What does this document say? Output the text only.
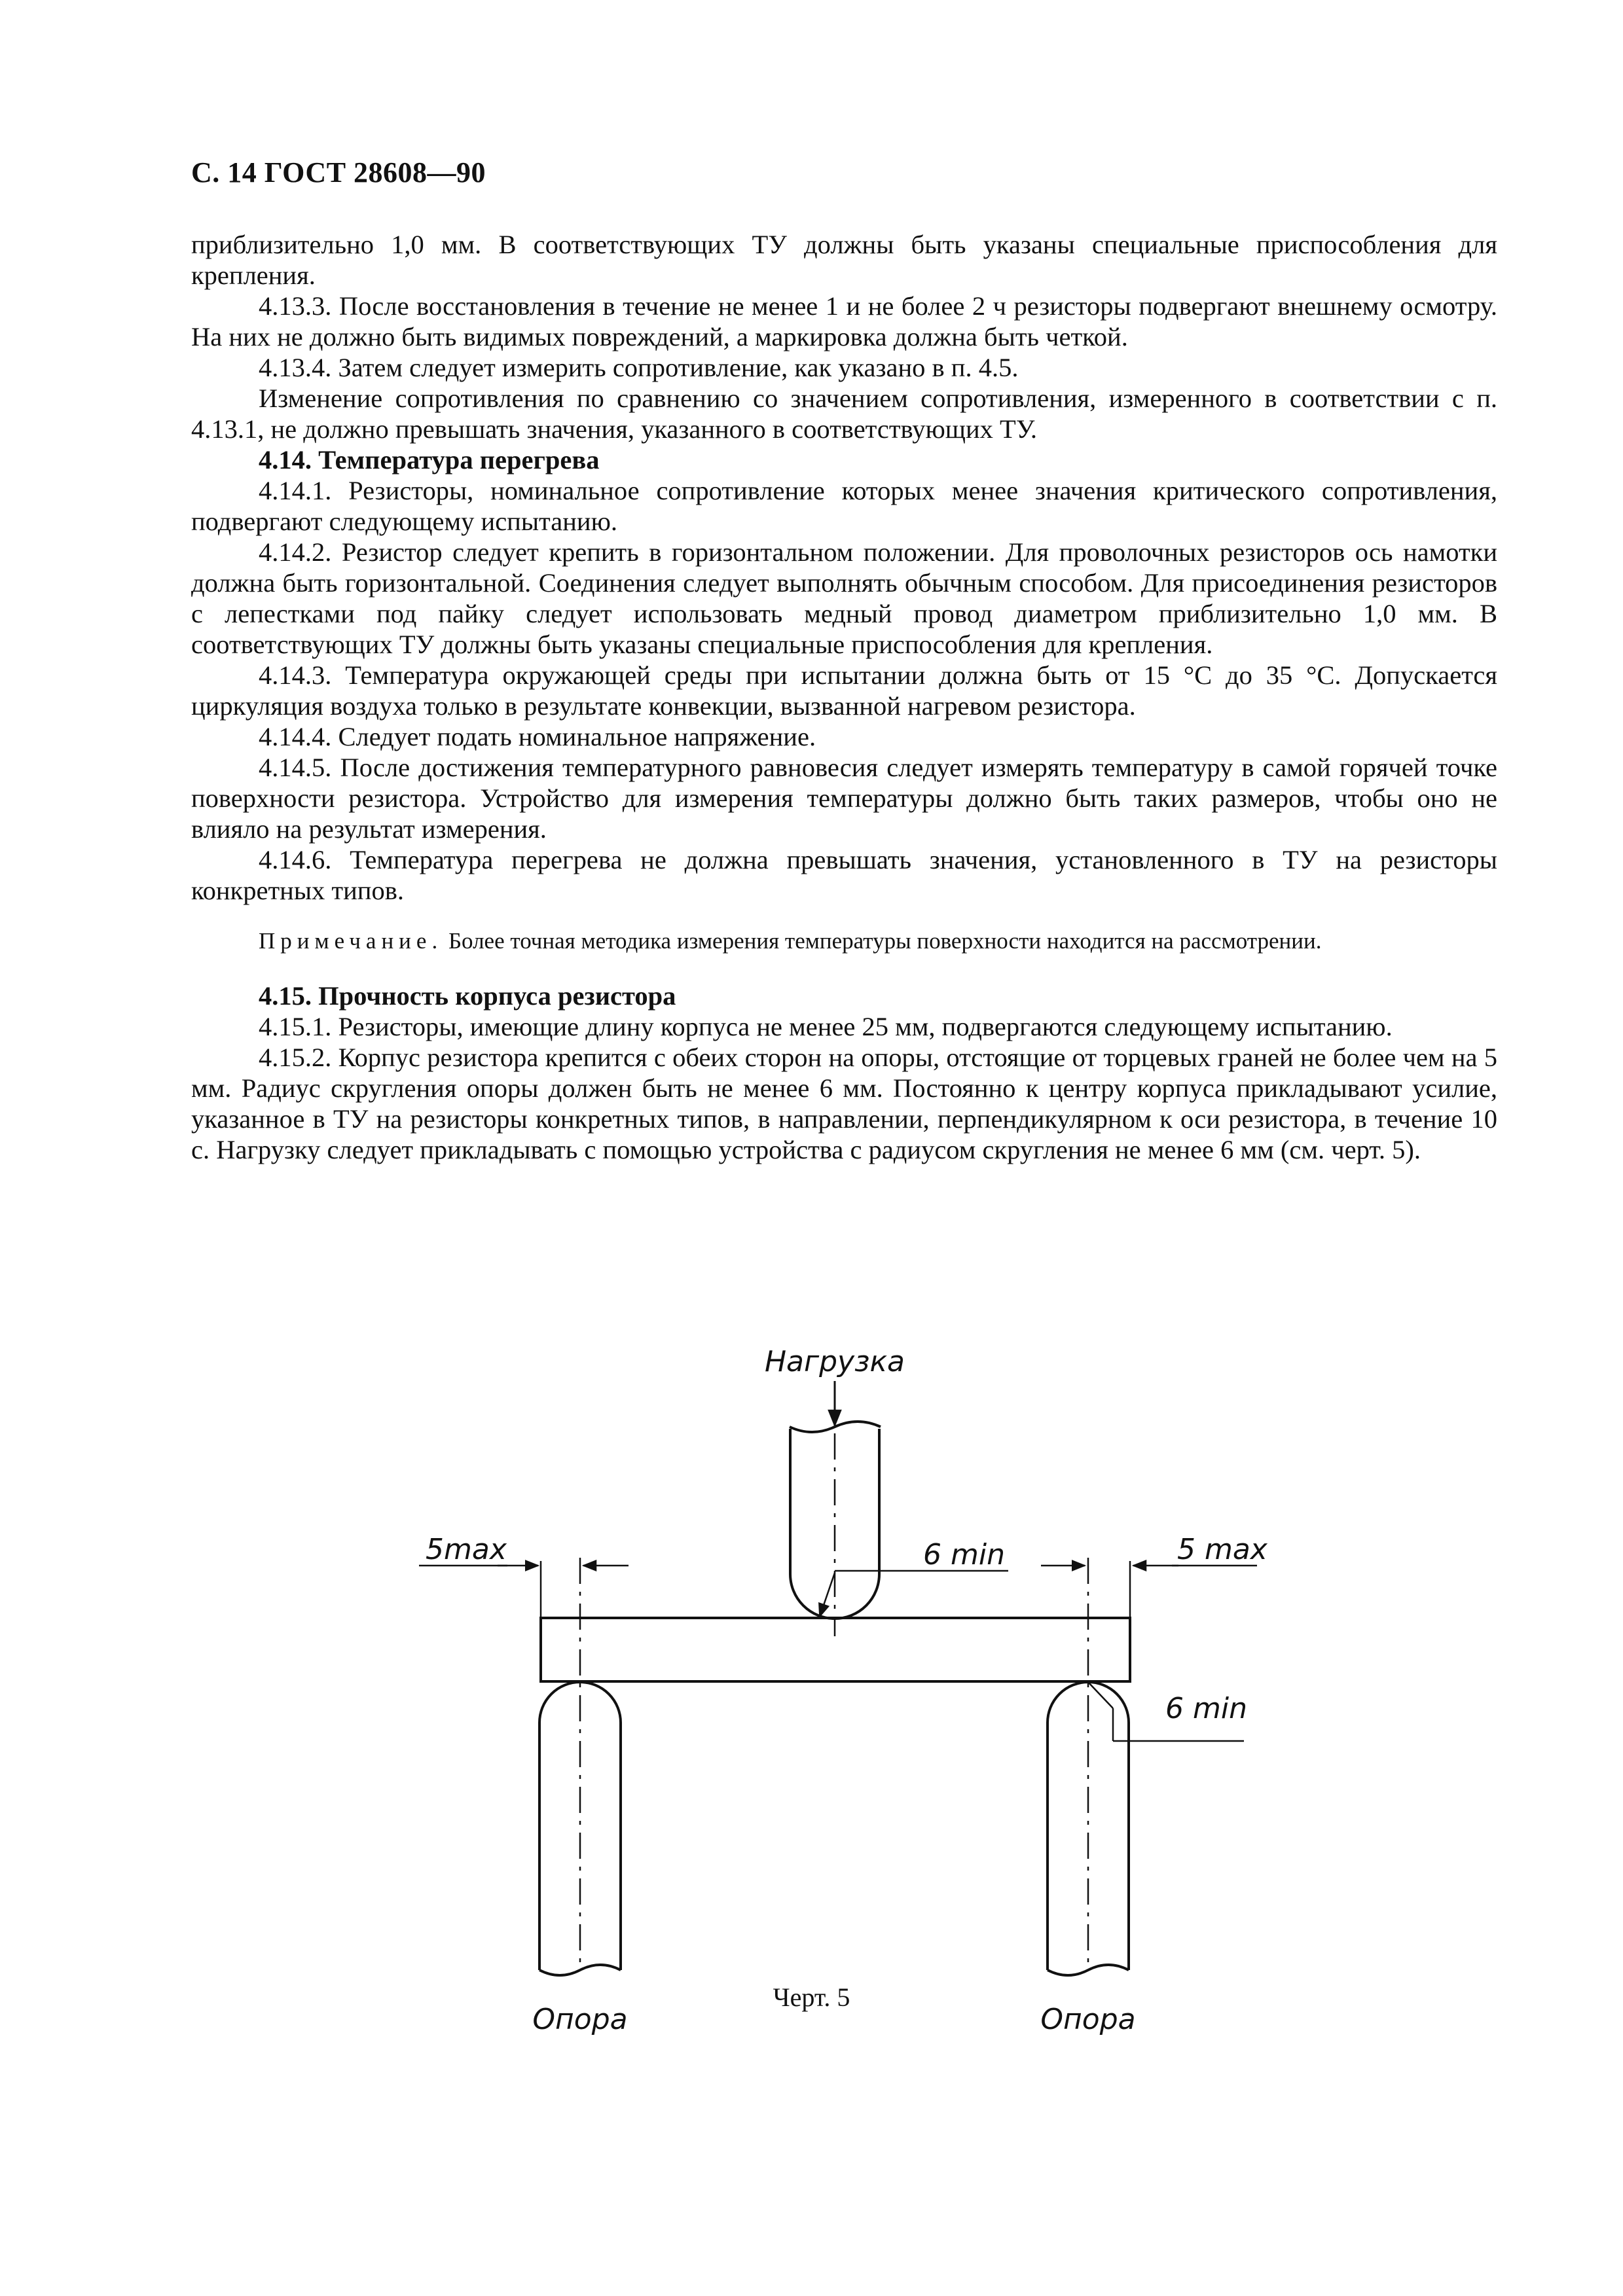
С. 14 ГОСТ 28608—90

приблизительно 1,0 мм. В соответствующих ТУ должны быть указаны специальные приспособления для крепления.

4.13.3. После восстановления в течение не менее 1 и не более 2 ч резисторы подвергают внешнему осмотру. На них не должно быть видимых повреждений, а маркировка должна быть четкой.

4.13.4. Затем следует измерить сопротивление, как указано в п. 4.5.

Изменение сопротивления по сравнению со значением сопротивления, измеренного в соответствии с п. 4.13.1, не должно превышать значения, указанного в соответствующих ТУ.

4.14. Температура перегрева

4.14.1. Резисторы, номинальное сопротивление которых менее значения критического сопротивления, подвергают следующему испытанию.

4.14.2. Резистор следует крепить в горизонтальном положении. Для проволочных резисторов ось намотки должна быть горизонтальной. Соединения следует выполнять обычным способом. Для присоединения резисторов с лепестками под пайку следует использовать медный провод диаметром приблизительно 1,0 мм. В соответствующих ТУ должны быть указаны специальные приспособления для крепления.

4.14.3. Температура окружающей среды при испытании должна быть от 15 °С до 35 °С. Допускается циркуляция воздуха только в результате конвекции, вызванной нагревом резистора.

4.14.4. Следует подать номинальное напряжение.

4.14.5. После достижения температурного равновесия следует измерять температуру в самой горячей точке поверхности резистора. Устройство для измерения температуры должно быть таких размеров, чтобы оно не влияло на результат измерения.

4.14.6. Температура перегрева не должна превышать значения, установленного в ТУ на резисторы конкретных типов.

Примечание. Более точная методика измерения температуры поверхности находится на рассмотрении.

4.15. Прочность корпуса резистора

4.15.1. Резисторы, имеющие длину корпуса не менее 25 мм, подвергаются следующему испытанию.

4.15.2. Корпус резистора крепится с обеих сторон на опоры, отстоящие от торцевых граней не более чем на 5 мм. Радиус скругления опоры должен быть не менее 6 мм. Постоянно к центру корпуса прикладывают усилие, указанное в ТУ на резисторы конкретных типов, в направлении, перпендикулярном к оси резистора, в течение 10 с. Нагрузку следует прикладывать с помощью устройства с радиусом скругления не менее 6 мм (см. черт. 5).

Нагрузка
5max	5 max
6 min
6 min
Опора	Опора
Черт. 5
